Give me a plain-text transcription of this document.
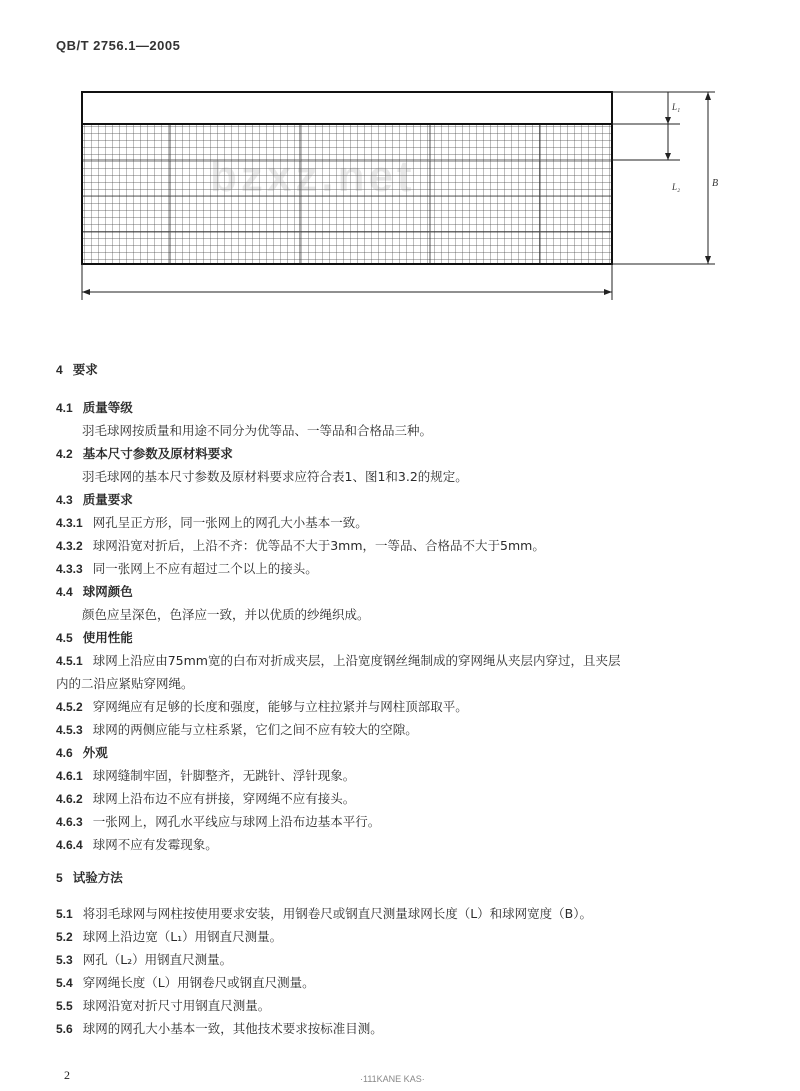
QB/T 2756.1—2005
L₁
L₂	B
bzxz.net
4 要求
4.1 质量等级
羽毛球网按质量和用途不同分为优等品、一等品和合格品三种。
4.2 基本尺寸参数及原材料要求
羽毛球网的基本尺寸参数及原材料要求应符合表1、图1和3.2的规定。
4.3 质量要求
4.3.1 网孔呈正方形，同一张网上的网孔大小基本一致。
4.3.2 球网沿宽对折后，上沿不齐：优等品不大于3mm，一等品、合格品不大于5mm。
4.3.3 同一张网上不应有超过二个以上的接头。
4.4 球网颜色
颜色应呈深色，色泽应一致，并以优质的纱绳织成。
4.5 使用性能
4.5.1 球网上沿应由75mm宽的白布对折成夹层，上沿宽度钢丝绳制成的穿网绳从夹层内穿过，且夹层
内的二沿应紧贴穿网绳。
4.5.2 穿网绳应有足够的长度和强度，能够与立柱拉紧并与网柱顶部取平。
4.5.3 球网的两侧应能与立柱系紧，它们之间不应有较大的空隙。
4.6 外观
4.6.1 球网缝制牢固，针脚整齐，无跳针、浮针现象。
4.6.2 球网上沿布边不应有拼接，穿网绳不应有接头。
4.6.3 一张网上，网孔水平线应与球网上沿布边基本平行。
4.6.4 球网不应有发霉现象。
5 试验方法
5.1 将羽毛球网与网柱按使用要求安装，用钢卷尺或钢直尺测量球网长度（L）和球网宽度（B）。
5.2 球网上沿边宽（L₁）用钢直尺测量。
5.3 网孔（L₂）用钢直尺测量。
5.4 穿网绳长度（L）用钢卷尺或钢直尺测量。
5.5 球网沿宽对折尺寸用钢直尺测量。
5.6 球网的网孔大小基本一致，其他技术要求按标准目测。
2	·111KANE KAS·
